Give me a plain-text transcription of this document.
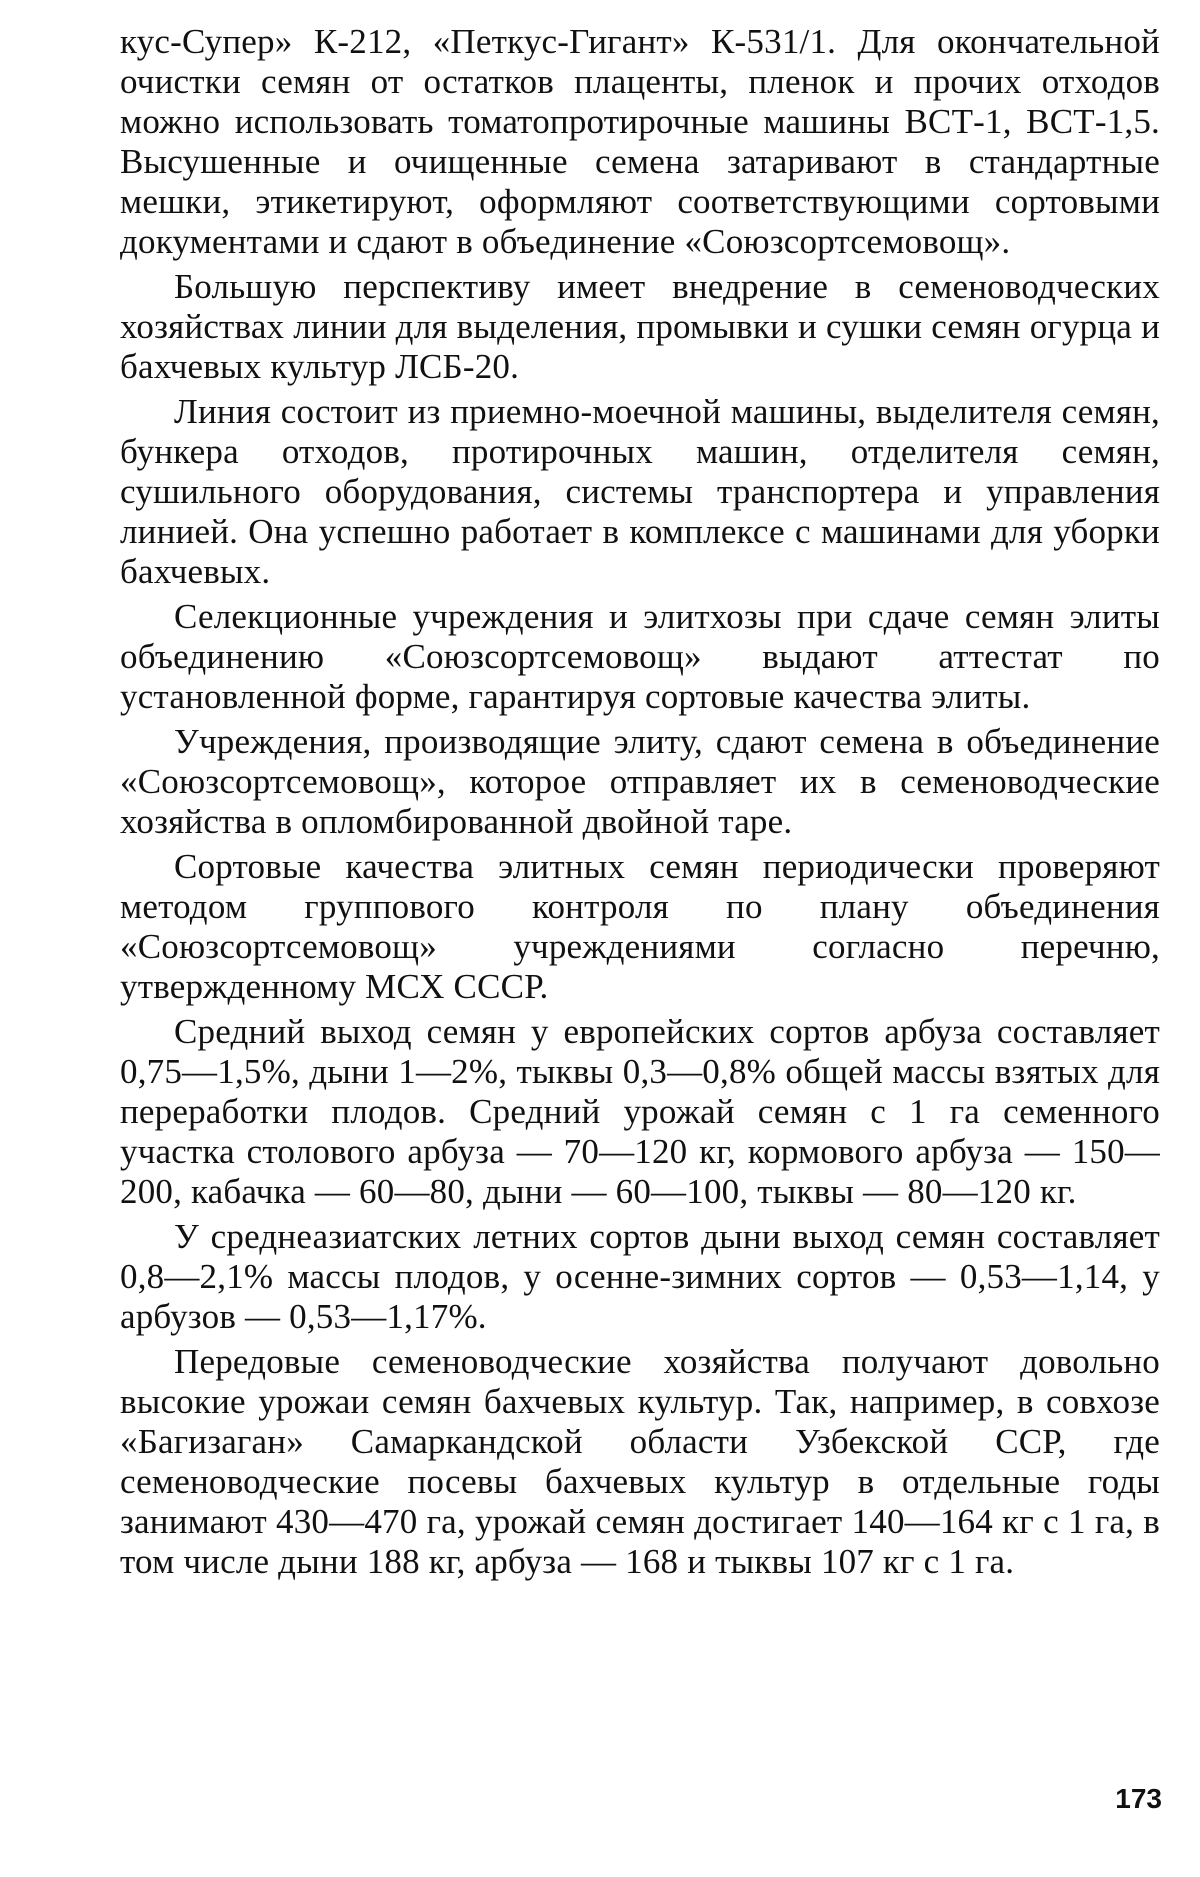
кус-Супер» К-212, «Петкус-Гигант» К-531/1. Для окончательной очистки семян от остатков плаценты, пленок и прочих отходов можно использовать томатопротирочные машины ВСТ-1, ВСТ-1,5. Высушенные и очищенные семена затаривают в стандартные мешки, этикетируют, оформляют соответствующими сортовыми документами и сдают в объединение «Союзсортсемовощ».

Большую перспективу имеет внедрение в семеноводческих хозяйствах линии для выделения, промывки и сушки семян огурца и бахчевых культур ЛСБ-20.

Линия состоит из приемно-моечной машины, выделителя семян, бункера отходов, протирочных машин, отделителя семян, сушильного оборудования, системы транспортера и управления линией. Она успешно работает в комплексе с машинами для уборки бахчевых.

Селекционные учреждения и элитхозы при сдаче семян элиты объединению «Союзсортсемовощ» выдают аттестат по установленной форме, гарантируя сортовые качества элиты.

Учреждения, производящие элиту, сдают семена в объединение «Союзсортсемовощ», которое отправляет их в семеноводческие хозяйства в опломбированной двойной таре.

Сортовые качества элитных семян периодически проверяют методом группового контроля по плану объединения «Союзсортсемовощ» учреждениями согласно перечню, утвержденному МСХ СССР.

Средний выход семян у европейских сортов арбуза составляет 0,75—1,5%, дыни 1—2%, тыквы 0,3—0,8% общей массы взятых для переработки плодов. Средний урожай семян с 1 га семенного участка столового арбуза — 70—120 кг, кормового арбуза — 150—200, кабачка — 60—80, дыни — 60—100, тыквы — 80—120 кг.

У среднеазиатских летних сортов дыни выход семян составляет 0,8—2,1% массы плодов, у осенне-зимних сортов — 0,53—1,14, у арбузов — 0,53—1,17%.

Передовые семеноводческие хозяйства получают довольно высокие урожаи семян бахчевых культур. Так, например, в совхозе «Багизаган» Самаркандской области Узбекской ССР, где семеноводческие посевы бахчевых культур в отдельные годы занимают 430—470 га, урожай семян достигает 140—164 кг с 1 га, в том числе дыни 188 кг, арбуза — 168 и тыквы 107 кг с 1 га.

173
